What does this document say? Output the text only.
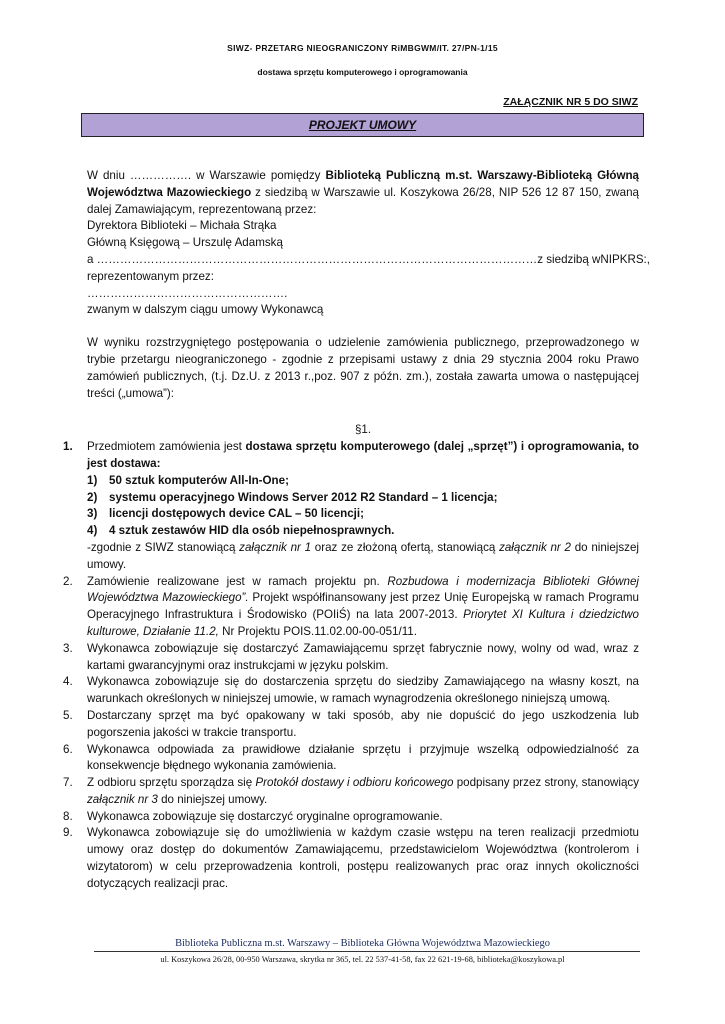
SIWZ- PRZETARG NIEOGRANICZONY RiMBGWM/IT. 27/PN-1/15
dostawa sprzętu komputerowego i oprogramowania
ZAŁĄCZNIK NR 5 DO SIWZ
PROJEKT UMOWY

W dniu ……………. w Warszawie pomiędzy Biblioteką Publiczną m.st. Warszawy-Biblioteką Główną Województwa Mazowieckiego z siedzibą w Warszawie ul. Koszykowa 26/28, NIP 526 12 87 150, zwaną dalej Zamawiającym, reprezentowaną przez:

Dyrektora Biblioteki – Michała Strąka

Główną Księgową – Urszulę Adamską

a ……………………………………………………………………………………………………z siedzibą w NIP KRS: ,

reprezentowanym przez:

…………………………………………….

zwanym w dalszym ciągu umowy Wykonawcą

W wyniku rozstrzygniętego postępowania o udzielenie zamówienia publicznego, przeprowadzonego w trybie przetargu nieograniczonego - zgodnie z przepisami ustawy z dnia 29 stycznia 2004 roku Prawo zamówień publicznych, (t.j. Dz.U. z 2013 r.,poz. 907 z późn. zm.), została zawarta umowa o następującej treści („umowa”):

§1.

1.	Przedmiotem zamówienia jest dostawa sprzętu komputerowego (dalej „sprzęt”) i oprogramowania, to jest dostawa:
1) 50 sztuk komputerów All-In-One;
2) systemu operacyjnego Windows Server 2012 R2 Standard – 1 licencja;
3) licencji dostępowych device CAL – 50 licencji;
4) 4 sztuk zestawów HID dla osób niepełnosprawnych.
-zgodnie z SIWZ stanowiącą załącznik nr 1 oraz ze złożoną ofertą, stanowiącą załącznik nr 2 do niniejszej umowy.
2.	Zamówienie realizowane jest w ramach projektu pn. Rozbudowa i modernizacja Biblioteki Głównej Województwa Mazowieckiego”. Projekt współfinansowany jest przez Unię Europejską w ramach Programu Operacyjnego Infrastruktura i Środowisko (POIiŚ) na lata 2007-2013. Priorytet XI Kultura i dziedzictwo kulturowe, Działanie 11.2, Nr Projektu POIS.11.02.00-00-051/11.
3.	Wykonawca zobowiązuje się dostarczyć Zamawiającemu sprzęt fabrycznie nowy, wolny od wad, wraz z kartami gwarancyjnymi oraz instrukcjami w języku polskim.
4.	Wykonawca zobowiązuje się do dostarczenia sprzętu do siedziby Zamawiającego na własny koszt, na warunkach określonych w niniejszej umowie, w ramach wynagrodzenia określonego niniejszą umową.
5.	Dostarczany sprzęt ma być opakowany w taki sposób, aby nie dopuścić do jego uszkodzenia lub pogorszenia jakości w trakcie transportu.
6.	Wykonawca odpowiada za prawidłowe działanie sprzętu i przyjmuje wszelką odpowiedzialność za konsekwencje błędnego wykonania zamówienia.
7.	Z odbioru sprzętu sporządza się Protokół dostawy i odbioru końcowego podpisany przez strony, stanowiący załącznik nr 3 do niniejszej umowy.
8.	Wykonawca zobowiązuje się dostarczyć oryginalne oprogramowanie.
9.	Wykonawca zobowiązuje się do umożliwienia w każdym czasie wstępu na teren realizacji przedmiotu umowy oraz dostęp do dokumentów Zamawiającemu, przedstawicielom Województwa (kontrolerom i wizytatorom) w celu przeprowadzenia kontroli, postępu realizowanych prac oraz innych okoliczności dotyczących realizacji prac.
Biblioteka Publiczna m.st. Warszawy – Biblioteka Główna Województwa Mazowieckiego
ul. Koszykowa 26/28, 00-950 Warszawa, skrytka nr 365, tel. 22 537-41-58, fax 22 621-19-68, biblioteka@koszykowa.pl
